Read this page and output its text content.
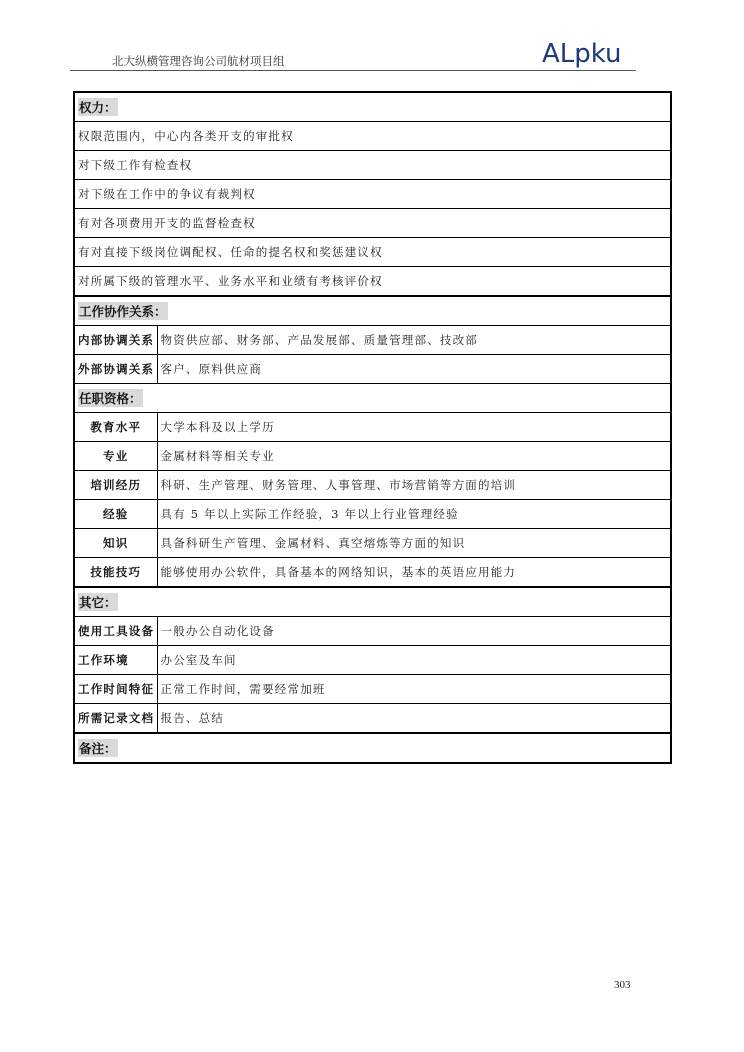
北大纵横管理咨询公司航材项目组	ALpku
权力：	
权限范围内，中心内各类开支的审批权	
对下级工作有检查权	
对下级在工作中的争议有裁判权	
有对各项费用开支的监督检查权	
有对直接下级岗位调配权、任命的提名权和奖惩建议权	
对所属下级的管理水平、业务水平和业绩有考核评价权	
工作协作关系：	
内部协调关系	物资供应部、财务部、产品发展部、质量管理部、技改部
外部协调关系	客户、原料供应商
任职资格：	
教育水平	大学本科及以上学历
专业	金属材料等相关专业
培训经历	科研、生产管理、财务管理、人事管理、市场营销等方面的培训
经验	具有 5 年以上实际工作经验，3 年以上行业管理经验
知识	具备科研生产管理、金属材料、真空熔炼等方面的知识
技能技巧	能够使用办公软件，具备基本的网络知识，基本的英语应用能力
其它：	
使用工具设备	一般办公自动化设备
工作环境	办公室及车间
工作时间特征	正常工作时间，需要经常加班
所需记录文档	报告、总结
备注：	
303
